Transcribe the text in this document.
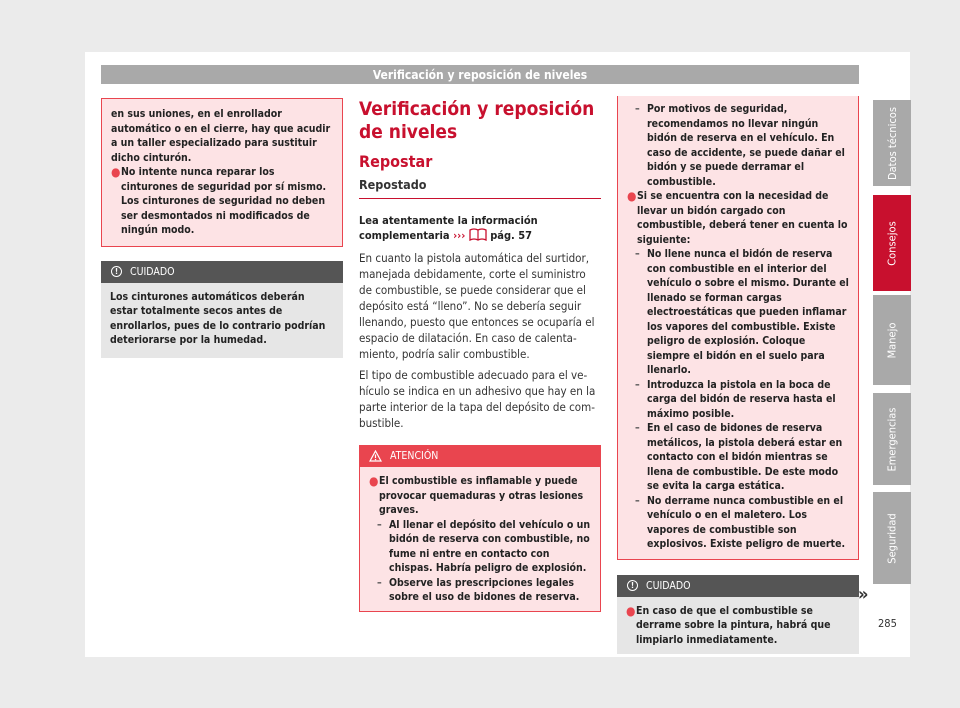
Verificación y reposición de niveles
en sus uniones, en el enrollador automático o en el cierre, hay que acudir a un taller especializado para sustituir dicho cinturón.
● No intente nunca reparar los cinturones de seguridad por sí mismo. Los cinturones de seguridad no deben ser desmontados ni modificados de ningún modo.
!	CUIDADO
Los cinturones automáticos deberán estar totalmente secos antes de enrollarlos, pues de lo contrario podrían deteriorarse por la humedad.
Verificación y reposición de niveles
Repostar
Repostado
Lea atentamente la información complementaria ››› pág. 57
En cuanto la pistola automática del surtidor, manejada debidamente, corte el suministro de combustible, se puede considerar que el depósito está “lleno”. No se debería seguir llenando, puesto que entonces se ocuparía el espacio de dilatación. En caso de calentamiento, podría salir combustible.
El tipo de combustible adecuado para el vehículo se indica en un adhesivo que hay en la parte interior de la tapa del depósito de combustible.
ATENCIÓN
● El combustible es inflamable y puede provocar quemaduras y otras lesiones graves.
– Al llenar el depósito del vehículo o un bidón de reserva con combustible, no fume ni entre en contacto con chispas. Habría peligro de explosión.
– Observe las prescripciones legales sobre el uso de bidones de reserva.
– Por motivos de seguridad, recomendamos no llevar ningún bidón de reserva en el vehículo. En caso de accidente, se puede dañar el bidón y se puede derramar el combustible.
● Si se encuentra con la necesidad de llevar un bidón cargado con combustible, deberá tener en cuenta lo siguiente:
– No llene nunca el bidón de reserva con combustible en el interior del vehículo o sobre el mismo. Durante el llenado se forman cargas electroestáticas que pueden inflamar los vapores del combustible. Existe peligro de explosión. Coloque siempre el bidón en el suelo para llenarlo.
– Introduzca la pistola en la boca de carga del bidón de reserva hasta el máximo posible.
– En el caso de bidones de reserva metálicos, la pistola deberá estar en contacto con el bidón mientras se llena de combustible. De este modo se evita la carga estática.
– No derrame nunca combustible en el vehículo o en el maletero. Los vapores de combustible son explosivos. Existe peligro de muerte.
!	CUIDADO
● En caso de que el combustible se derrame sobre la pintura, habrá que limpiarlo inmediatamente.
»
Datos técnicos
Consejos
Manejo
Emergencias
Seguridad
285
